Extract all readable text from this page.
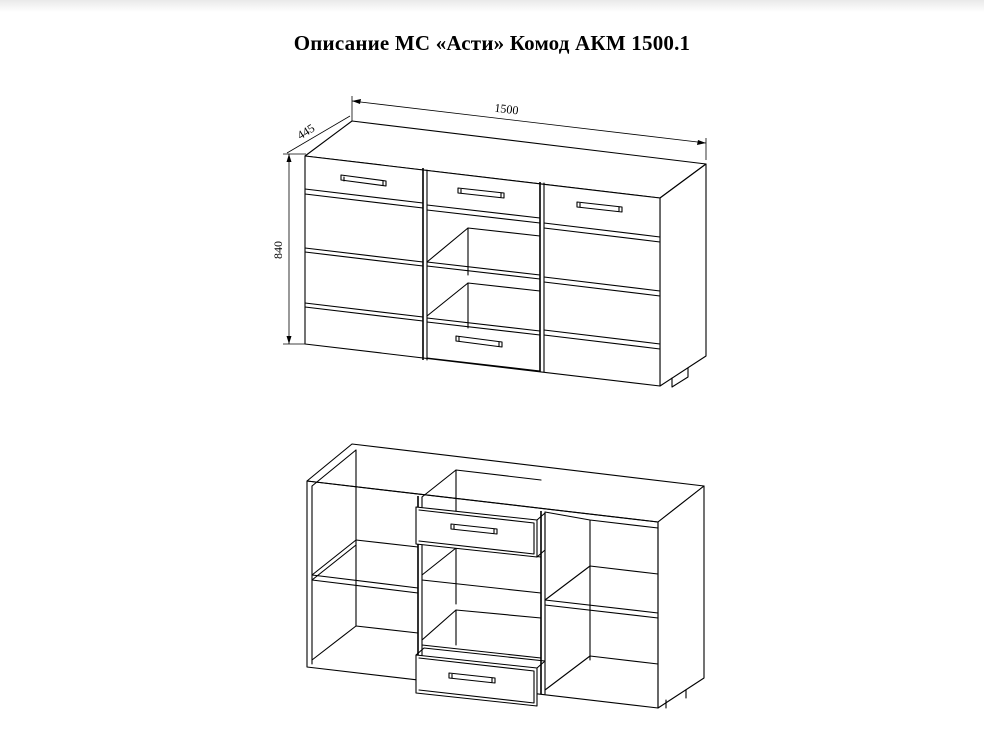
Описание МС «Асти» Комод АКМ 1500.1
1500
445
840
